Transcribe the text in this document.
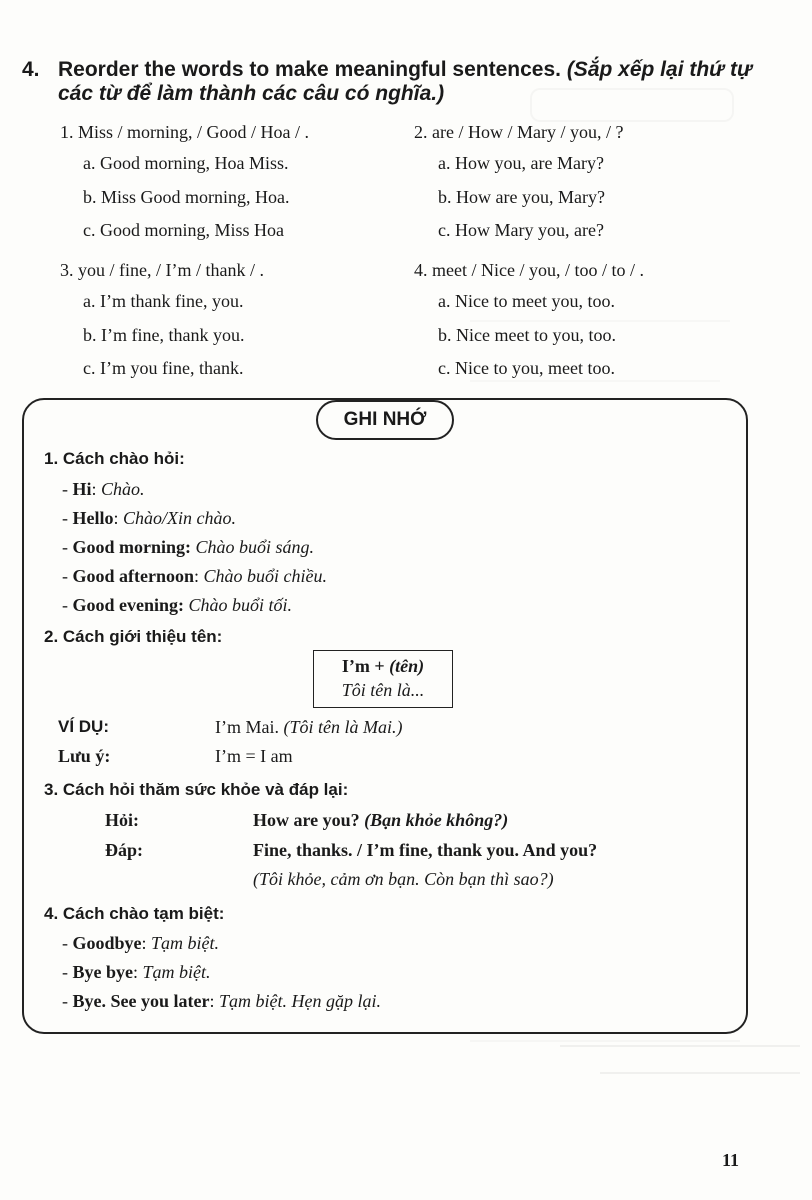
4. Reorder the words to make meaningful sentences. (Sắp xếp lại thứ tự
các từ để làm thành các câu có nghĩa.)
1. Miss / morning, / Good / Hoa / .
a. Good morning, Hoa Miss.
b. Miss Good morning, Hoa.
c. Good morning, Miss Hoa
2. are / How / Mary / you, / ?
a. How you, are Mary?
b. How are you, Mary?
c. How Mary you, are?
3. you / fine, / I’m / thank / .
a. I’m thank fine, you.
b. I’m fine, thank you.
c. I’m you fine, thank.
4. meet / Nice / you, / too / to / .
a. Nice to meet you, too.
b. Nice meet to you, too.
c. Nice to you, meet too.
GHI NHỚ
1. Cách chào hỏi:
- Hi: Chào.
- Hello: Chào/Xin chào.
- Good morning: Chào buổi sáng.
- Good afternoon: Chào buổi chiều.
- Good evening: Chào buổi tối.
2. Cách giới thiệu tên:
I’m + (tên)
Tôi tên là...
VÍ DỤ:	I’m Mai. (Tôi tên là Mai.)
Lưu ý:	I’m = I am
3. Cách hỏi thăm sức khỏe và đáp lại:
Hỏi:	How are you? (Bạn khỏe không?)
Đáp:	Fine, thanks. / I’m fine, thank you. And you?
(Tôi khỏe, cảm ơn bạn. Còn bạn thì sao?)
4. Cách chào tạm biệt:
- Goodbye: Tạm biệt.
- Bye bye: Tạm biệt.
- Bye. See you later: Tạm biệt. Hẹn gặp lại.
11
